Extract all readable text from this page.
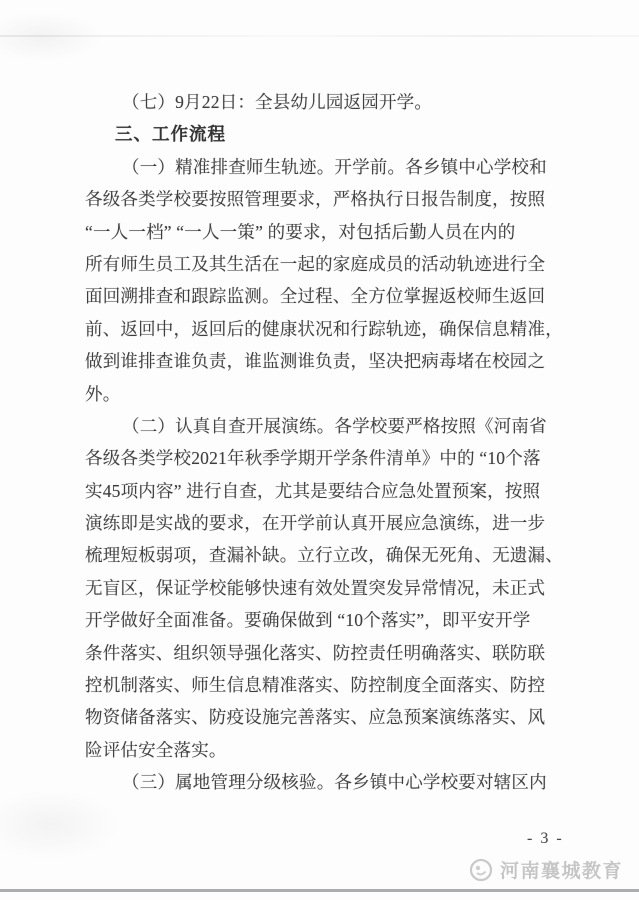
（七）9月22日：全县幼儿园返园开学。
三、工作流程
（一）精准排查师生轨迹。开学前。各乡镇中心学校和
各级各类学校要按照管理要求，严格执行日报告制度，按照
“一人一档” “一人一策” 的要求，对包括后勤人员在内的
所有师生员工及其生活在一起的家庭成员的活动轨迹进行全
面回溯排查和跟踪监测。全过程、全方位掌握返校师生返回
前、返回中，返回后的健康状况和行踪轨迹，确保信息精准，
做到谁排查谁负责，谁监测谁负责，坚决把病毒堵在校园之
外。
（二）认真自查开展演练。各学校要严格按照《河南省
各级各类学校2021年秋季学期开学条件清单》中的 “10个落
实45项内容” 进行自查，尤其是要结合应急处置预案，按照
演练即是实战的要求，在开学前认真开展应急演练，进一步
梳理短板弱项，查漏补缺。立行立改，确保无死角、无遗漏、
无盲区，保证学校能够快速有效处置突发异常情况，未正式
开学做好全面准备。要确保做到 “10个落实”，即平安开学
条件落实、组织领导强化落实、防控责任明确落实、联防联
控机制落实、师生信息精准落实、防控制度全面落实、防控
物资储备落实、防疫设施完善落实、应急预案演练落实、风
险评估安全落实。
（三）属地管理分级核验。各乡镇中心学校要对辖区内
- 3 -
河南襄城教育
